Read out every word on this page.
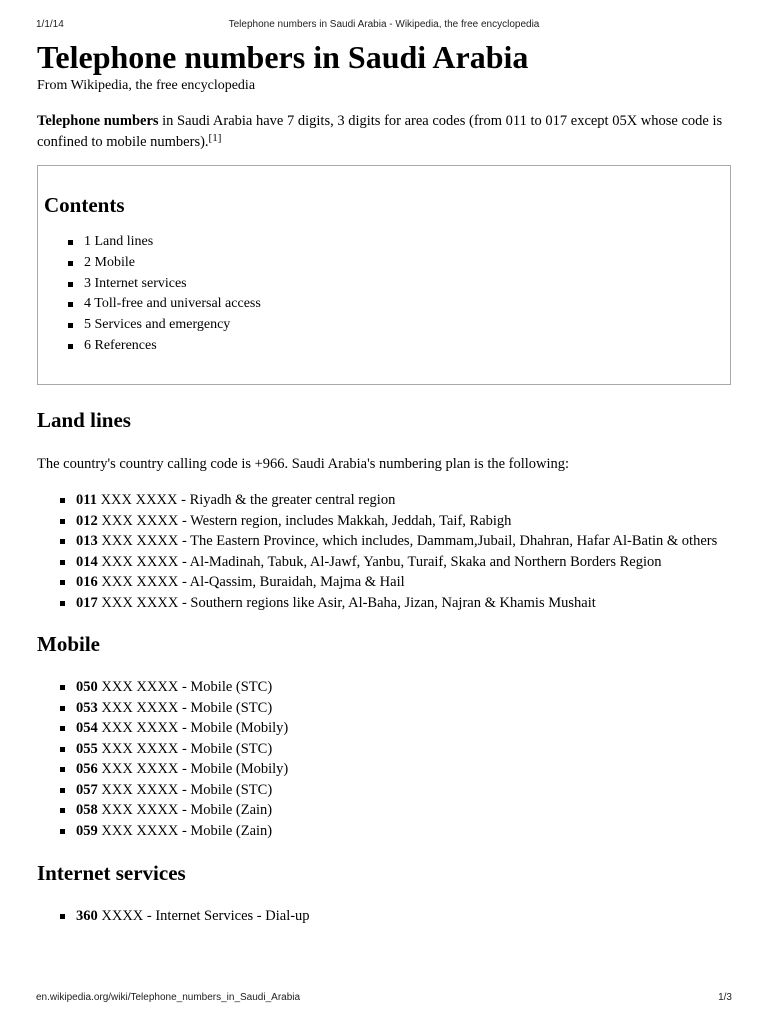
1/1/14	Telephone numbers in Saudi Arabia - Wikipedia, the free encyclopedia
Telephone numbers in Saudi Arabia

From Wikipedia, the free encyclopedia

Telephone numbers in Saudi Arabia have 7 digits, 3 digits for area codes (from 011 to 017 except 05X whose code is confined to mobile numbers).[1]

Contents
1 Land lines
2 Mobile
3 Internet services
4 Toll-free and universal access
5 Services and emergency
6 References
Land lines

The country's country calling code is +966. Saudi Arabia's numbering plan is the following:

011 XXX XXXX - Riyadh & the greater central region
012 XXX XXXX - Western region, includes Makkah, Jeddah, Taif, Rabigh
013 XXX XXXX - The Eastern Province, which includes, Dammam,Jubail, Dhahran, Hafar Al-Batin & others
014 XXX XXXX - Al-Madinah, Tabuk, Al-Jawf, Yanbu, Turaif, Skaka and Northern Borders Region
016 XXX XXXX - Al-Qassim, Buraidah, Majma & Hail
017 XXX XXXX - Southern regions like Asir, Al-Baha, Jizan, Najran & Khamis Mushait
Mobile
050 XXX XXXX - Mobile (STC)
053 XXX XXXX - Mobile (STC)
054 XXX XXXX - Mobile (Mobily)
055 XXX XXXX - Mobile (STC)
056 XXX XXXX - Mobile (Mobily)
057 XXX XXXX - Mobile (STC)
058 XXX XXXX - Mobile (Zain)
059 XXX XXXX - Mobile (Zain)
Internet services
360 XXXX - Internet Services - Dial-up
en.wikipedia.org/wiki/Telephone_numbers_in_Saudi_Arabia	1/3
